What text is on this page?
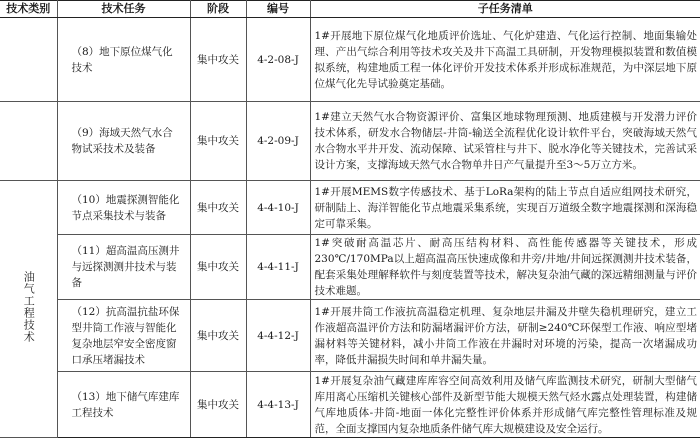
技术类别	技术任务	阶段	编号	子任务清单
	（8）地下原位煤气化技术	集中攻关	4-2-08-J	1#开展地下原位煤气化地质评价选址、气化炉建造、气化运行控制、地面集输处理、产出气综合利用等技术攻关及井下高温工具研制，开发物理模拟装置和数值模拟系统，构建地质工程一体化评价开发技术体系并形成标准规范，为中深层地下原位煤气化先导试验奠定基础。
	（9）海域天然气水合物试采技术及装备	集中攻关	4-2-09-J	1#建立天然气水合物资源评价、富集区地球物理预测、地质建模与开发潜力评价技术体系，研发水合物储层-井筒-输送全流程优化设计软件平台，突破海域天然气水合物水平井开发、流动保障、试采管柱与井下、脱水净化等关键技术，完善试采设计方案，支撑海域天然气水合物单井日产气量提升至3～5万立方米。
油气工程技术	（10）地震探测智能化节点采集技术与装备	集中攻关	4-4-10-J	1#开展MEMS数字传感技术、基于LoRa架构的陆上节点自适应组网技术研究，研制陆上、海洋智能化节点地震采集系统，实现百万道级全数字地震探测和深海稳定可靠采集。
	（11）超高温高压测井与远探测测井技术与装备	集中攻关	4-4-11-J	1#突破耐高温芯片、耐高压结构材料、高性能传感器等关键技术，形成230℃/170MPa以上超高温高压快速成像和井旁/井地/井间远探测测井技术装备，配套采集处理解释软件与刻度装置等技术，解决复杂油气藏的深远精细测量与评价技术难题。
	（12）抗高温抗盐环保型井筒工作液与智能化复杂地层窄安全密度窗口承压堵漏技术	集中攻关	4-4-12-J	1#开展井筒工作液抗高温稳定机理、复杂地层井漏及井壁失稳机理研究，建立工作液超高温评价方法和防漏堵漏评价方法，研制≥240℃环保型工作液、响应型堵漏材料等关键材料，减小井筒工作液在井漏时对环境的污染，提高一次堵漏成功率，降低井漏损失时间和单井漏失量。
	（13）地下储气库建库工程技术	集中攻关	4-4-13-J	1#开展复杂油气藏建库库容空间高效利用及储气库监测技术研究，研制大型储气库用离心压缩机关键核心部件及新型节能大规模天然气烃水露点处理装置，构建储气库地质体-井筒-地面一体化完整性评价体系并形成储气库完整性管理标准及规范，全面支撑国内复杂地质条件储气库大规模建设及安全运行。
